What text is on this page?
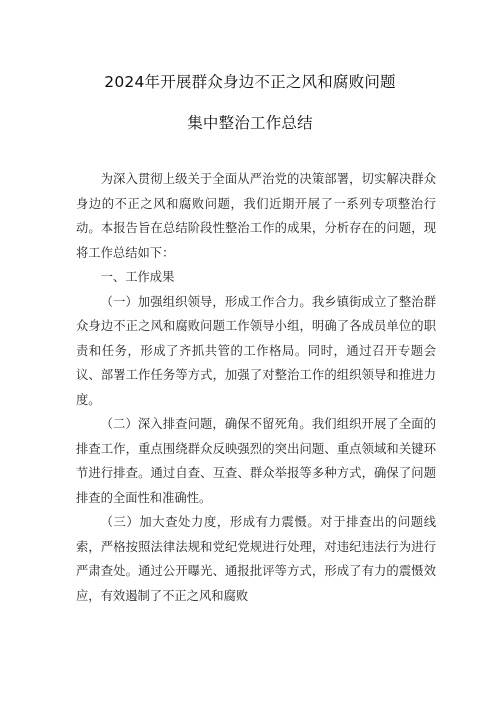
2024年开展群众身边不正之风和腐败问题
集中整治工作总结

为深入贯彻上级关于全面从严治党的决策部署，切实解决群众身边的不正之风和腐败问题，我们近期开展了一系列专项整治行动。本报告旨在总结阶段性整治工作的成果，分析存在的问题，现将工作总结如下：

一、工作成果

（一）加强组织领导，形成工作合力。我乡镇街成立了整治群众身边不正之风和腐败问题工作领导小组，明确了各成员单位的职责和任务，形成了齐抓共管的工作格局。同时，通过召开专题会议、部署工作任务等方式，加强了对整治工作的组织领导和推进力度。

（二）深入排查问题，确保不留死角。我们组织开展了全面的排查工作，重点围绕群众反映强烈的突出问题、重点领域和关键环节进行排查。通过自查、互查、群众举报等多种方式，确保了问题排查的全面性和准确性。

（三）加大查处力度，形成有力震慑。对于排查出的问题线索，严格按照法律法规和党纪党规进行处理，对违纪违法行为进行严肃查处。通过公开曝光、通报批评等方式，形成了有力的震慑效应，有效遏制了不正之风和腐败
